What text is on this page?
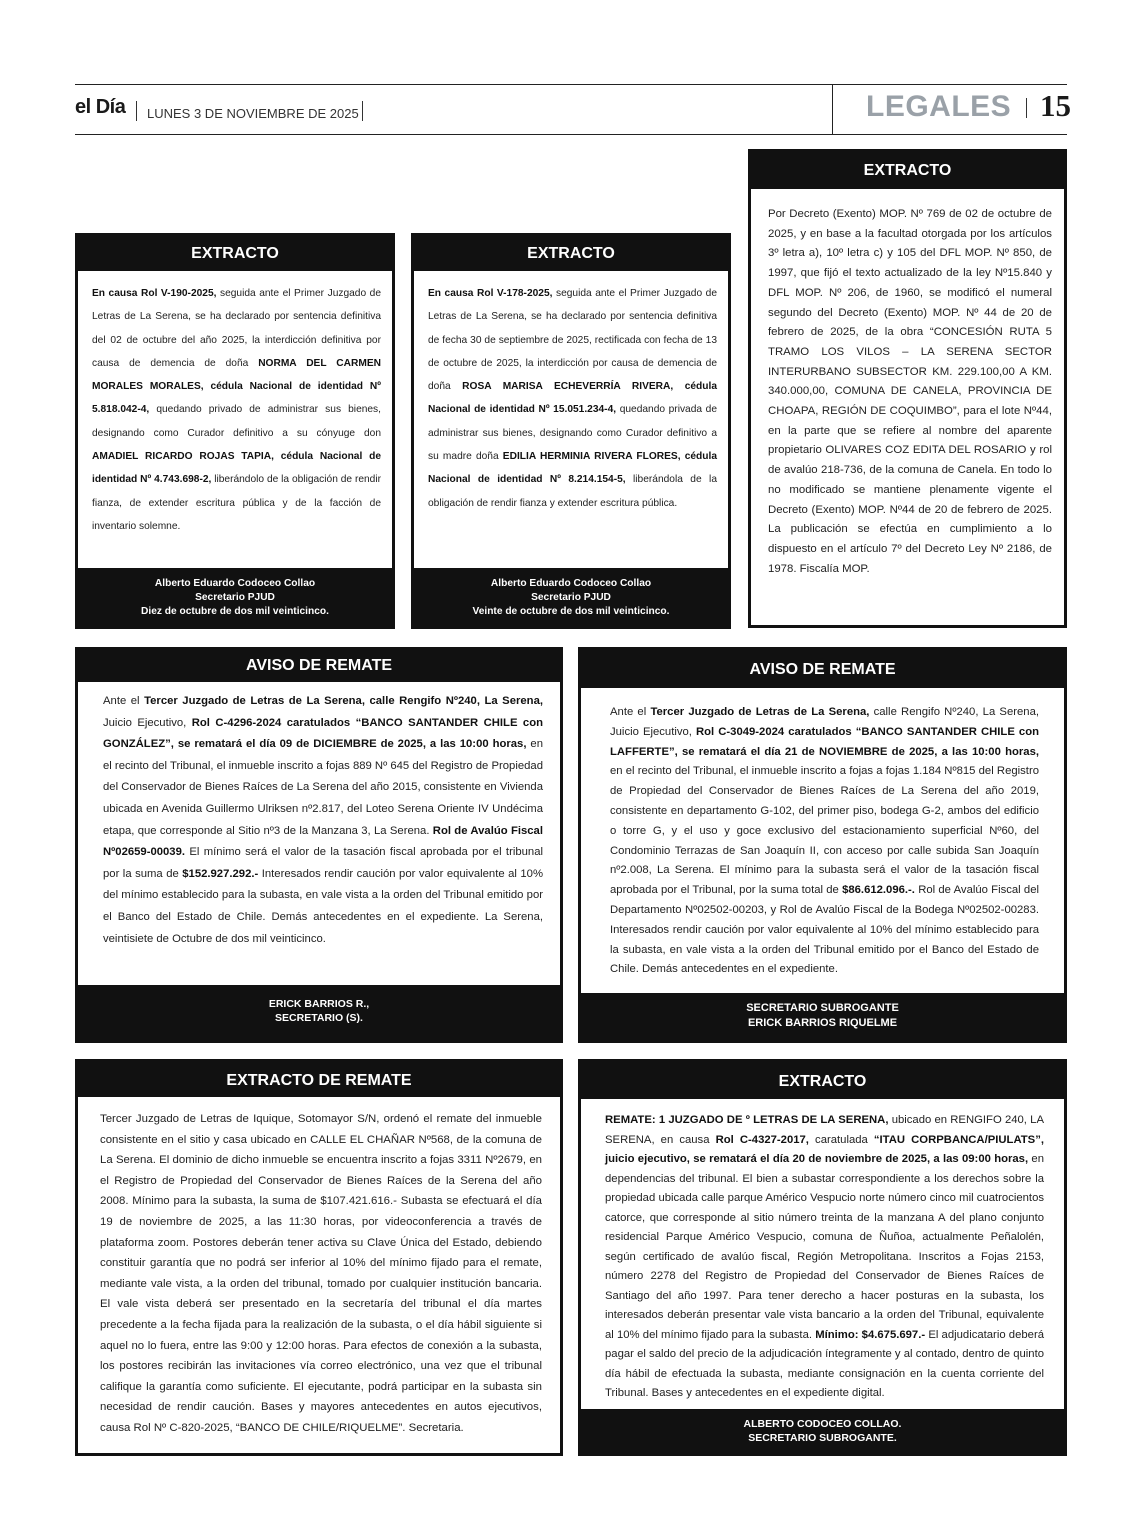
el Día LUNES 3 DE NOVIEMBRE DE 2025	LEGALES 15
EXTRACTO
En causa Rol V-190-2025, seguida ante el Primer Juzgado de Letras de La Serena, se ha declarado por sentencia definitiva del 02 de octubre del año 2025, la interdicción definitiva por causa de demencia de doña NORMA DEL CARMEN MORALES MORALES, cédula Nacional de identidad Nº 5.818.042-4, quedando privado de administrar sus bienes, designando como Curador definitivo a su cónyuge don AMADIEL RICARDO ROJAS TAPIA, cédula Nacional de identidad Nº 4.743.698-2, liberándolo de la obligación de rendir fianza, de extender escritura pública y de la facción de inventario solemne.
Alberto Eduardo Codoceo Collao
Secretario PJUD
Diez de octubre de dos mil veinticinco.
EXTRACTO
En causa Rol V-178-2025, seguida ante el Primer Juzgado de Letras de La Serena, se ha declarado por sentencia definitiva de fecha 30 de septiembre de 2025, rectificada con fecha de 13 de octubre de 2025, la interdicción por causa de demencia de doña ROSA MARISA ECHEVERRÍA RIVERA, cédula Nacional de identidad Nº 15.051.234-4, quedando privada de administrar sus bienes, designando como Curador definitivo a su madre doña EDILIA HERMINIA RIVERA FLORES, cédula Nacional de identidad Nº 8.214.154-5, liberándola de la obligación de rendir fianza y extender escritura pública.
Alberto Eduardo Codoceo Collao
Secretario PJUD
Veinte de octubre de dos mil veinticinco.
EXTRACTO
Por Decreto (Exento) MOP. Nº 769 de 02 de octubre de 2025, y en base a la facultad otorgada por los artículos 3º letra a), 10º letra c) y 105 del DFL MOP. Nº 850, de 1997, que fijó el texto actualizado de la ley Nº15.840 y DFL MOP. Nº 206, de 1960, se modificó el numeral segundo del Decreto (Exento) MOP. Nº 44 de 20 de febrero de 2025, de la obra “CONCESIÓN RUTA 5 TRAMO LOS VILOS – LA SERENA SECTOR INTERURBANO SUBSECTOR KM. 229.100,00 A KM. 340.000,00, COMUNA DE CANELA, PROVINCIA DE CHOAPA, REGIÓN DE COQUIMBO”, para el lote Nº44, en la parte que se refiere al nombre del aparente propietario OLIVARES COZ EDITA DEL ROSARIO y rol de avalúo 218-736, de la comuna de Canela. En todo lo no modificado se mantiene plenamente vigente el Decreto (Exento) MOP. Nº44 de 20 de febrero de 2025. La publicación se efectúa en cumplimiento a lo dispuesto en el artículo 7º del Decreto Ley Nº 2186, de 1978. Fiscalía MOP.
AVISO DE REMATE
Ante el Tercer Juzgado de Letras de La Serena, calle Rengifo Nº240, La Serena, Juicio Ejecutivo, Rol C-4296-2024 caratulados “BANCO SANTANDER CHILE con GONZÁLEZ”, se rematará el día 09 de DICIEMBRE de 2025, a las 10:00 horas, en el recinto del Tribunal, el inmueble inscrito a fojas 889 Nº 645 del Registro de Propiedad del Conservador de Bienes Raíces de La Serena del año 2015, consistente en Vivienda ubicada en Avenida Guillermo Ulriksen nº2.817, del Loteo Serena Oriente IV Undécima etapa, que corresponde al Sitio nº3 de la Manzana 3, La Serena. Rol de Avalúo Fiscal Nº02659-00039. El mínimo será el valor de la tasación fiscal aprobada por el tribunal por la suma de $152.927.292.- Interesados rendir caución por valor equivalente al 10% del mínimo establecido para la subasta, en vale vista a la orden del Tribunal emitido por el Banco del Estado de Chile. Demás antecedentes en el expediente. La Serena, veintisiete de Octubre de dos mil veinticinco.
ERICK BARRIOS R.,
SECRETARIO (S).
AVISO DE REMATE
Ante el Tercer Juzgado de Letras de La Serena, calle Rengifo Nº240, La Serena, Juicio Ejecutivo, Rol C-3049-2024 caratulados “BANCO SANTANDER CHILE con LAFFERTE”, se rematará el día 21 de NOVIEMBRE de 2025, a las 10:00 horas, en el recinto del Tribunal, el inmueble inscrito a fojas a fojas 1.184 Nº815 del Registro de Propiedad del Conservador de Bienes Raíces de La Serena del año 2019, consistente en departamento G-102, del primer piso, bodega G-2, ambos del edificio o torre G, y el uso y goce exclusivo del estacionamiento superficial Nº60, del Condominio Terrazas de San Joaquín II, con acceso por calle subida San Joaquín nº2.008, La Serena. El mínimo para la subasta será el valor de la tasación fiscal aprobada por el Tribunal, por la suma total de $86.612.096.-. Rol de Avalúo Fiscal del Departamento Nº02502-00203, y Rol de Avalúo Fiscal de la Bodega Nº02502-00283. Interesados rendir caución por valor equivalente al 10% del mínimo establecido para la subasta, en vale vista a la orden del Tribunal emitido por el Banco del Estado de Chile. Demás antecedentes en el expediente.
SECRETARIO SUBROGANTE
ERICK BARRIOS RIQUELME
EXTRACTO DE REMATE
Tercer Juzgado de Letras de Iquique, Sotomayor S/N, ordenó el remate del inmueble consistente en el sitio y casa ubicado en CALLE EL CHAÑAR Nº568, de la comuna de La Serena. El dominio de dicho inmueble se encuentra inscrito a fojas 3311 Nº2679, en el Registro de Propiedad del Conservador de Bienes Raíces de la Serena del año 2008. Mínimo para la subasta, la suma de $107.421.616.- Subasta se efectuará el día 19 de noviembre de 2025, a las 11:30 horas, por videoconferencia a través de plataforma zoom. Postores deberán tener activa su Clave Única del Estado, debiendo constituir garantía que no podrá ser inferior al 10% del mínimo fijado para el remate, mediante vale vista, a la orden del tribunal, tomado por cualquier institución bancaria. El vale vista deberá ser presentado en la secretaría del tribunal el día martes precedente a la fecha fijada para la realización de la subasta, o el día hábil siguiente si aquel no lo fuera, entre las 9:00 y 12:00 horas. Para efectos de conexión a la subasta, los postores recibirán las invitaciones vía correo electrónico, una vez que el tribunal califique la garantía como suficiente. El ejecutante, podrá participar en la subasta sin necesidad de rendir caución. Bases y mayores antecedentes en autos ejecutivos, causa Rol Nº C-820-2025, “BANCO DE CHILE/RIQUELME”. Secretaria.
EXTRACTO
REMATE: 1 JUZGADO DE º LETRAS DE LA SERENA, ubicado en RENGIFO 240, LA SERENA, en causa Rol C-4327-2017, caratulada “ITAU CORPBANCA/PIULATS”, juicio ejecutivo, se rematará el día 20 de noviembre de 2025, a las 09:00 horas, en dependencias del tribunal. El bien a subastar correspondiente a los derechos sobre la propiedad ubicada calle parque Américo Vespucio norte número cinco mil cuatrocientos catorce, que corresponde al sitio número treinta de la manzana A del plano conjunto residencial Parque Américo Vespucio, comuna de Ñuñoa, actualmente Peñalolén, según certificado de avalúo fiscal, Región Metropolitana. Inscritos a Fojas 2153, número 2278 del Registro de Propiedad del Conservador de Bienes Raíces de Santiago del año 1997. Para tener derecho a hacer posturas en la subasta, los interesados deberán presentar vale vista bancario a la orden del Tribunal, equivalente al 10% del mínimo fijado para la subasta. Mínimo: $4.675.697.- El adjudicatario deberá pagar el saldo del precio de la adjudicación íntegramente y al contado, dentro de quinto día hábil de efectuada la subasta, mediante consignación en la cuenta corriente del Tribunal. Bases y antecedentes en el expediente digital.
ALBERTO CODOCEO COLLAO.
SECRETARIO SUBROGANTE.
